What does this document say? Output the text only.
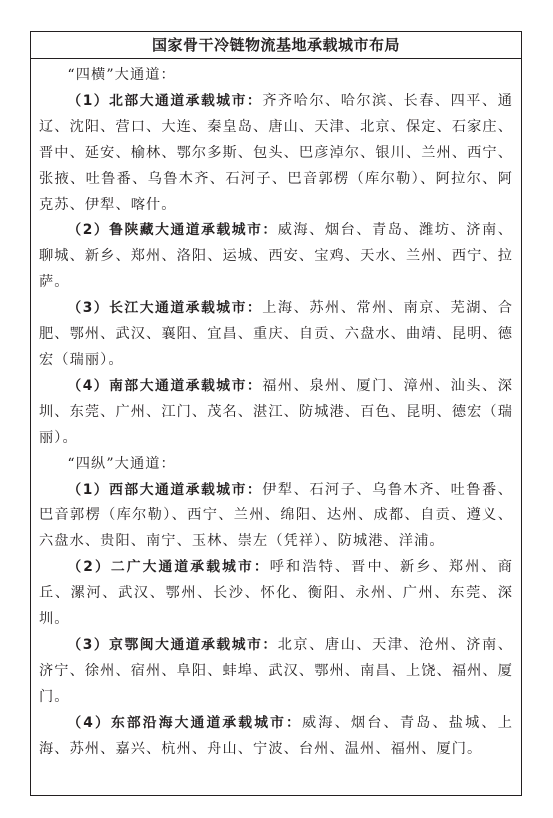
国家骨干冷链物流基地承载城市布局

“四横”大通道：

（1）北部大通道承载城市：齐齐哈尔、哈尔滨、长春、四平、通辽、沈阳、营口、大连、秦皇岛、唐山、天津、北京、保定、石家庄、晋中、延安、榆林、鄂尔多斯、包头、巴彦淖尔、银川、兰州、西宁、张掖、吐鲁番、乌鲁木齐、石河子、巴音郭楞（库尔勒）、阿拉尔、阿克苏、伊犁、喀什。

（2）鲁陕藏大通道承载城市：威海、烟台、青岛、潍坊、济南、聊城、新乡、郑州、洛阳、运城、西安、宝鸡、天水、兰州、西宁、拉萨。

（3）长江大通道承载城市：上海、苏州、常州、南京、芜湖、合肥、鄂州、武汉、襄阳、宜昌、重庆、自贡、六盘水、曲靖、昆明、德宏（瑞丽）。

（4）南部大通道承载城市：福州、泉州、厦门、漳州、汕头、深圳、东莞、广州、江门、茂名、湛江、防城港、百色、昆明、德宏（瑞丽）。

“四纵”大通道：

（1）西部大通道承载城市：伊犁、石河子、乌鲁木齐、吐鲁番、巴音郭楞（库尔勒）、西宁、兰州、绵阳、达州、成都、自贡、遵义、六盘水、贵阳、南宁、玉林、崇左（凭祥）、防城港、洋浦。

（2）二广大通道承载城市：呼和浩特、晋中、新乡、郑州、商丘、漯河、武汉、鄂州、长沙、怀化、衡阳、永州、广州、东莞、深圳。

（3）京鄂闽大通道承载城市：北京、唐山、天津、沧州、济南、济宁、徐州、宿州、阜阳、蚌埠、武汉、鄂州、南昌、上饶、福州、厦门。

（4）东部沿海大通道承载城市：威海、烟台、青岛、盐城、上海、苏州、嘉兴、杭州、舟山、宁波、台州、温州、福州、厦门。
